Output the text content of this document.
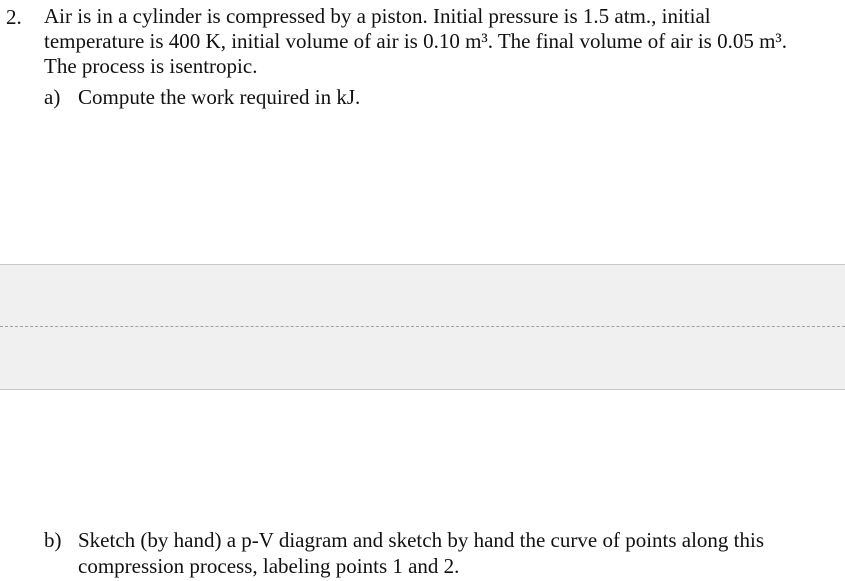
2. Air is in a cylinder is compressed by a piston. Initial pressure is 1.5 atm., initial
temperature is 400 K, initial volume of air is 0.10 m³. The final volume of air is 0.05 m³.
The process is isentropic.
a) Compute the work required in kJ.
b) Sketch (by hand) a p-V diagram and sketch by hand the curve of points along this
compression process, labeling points 1 and 2.
